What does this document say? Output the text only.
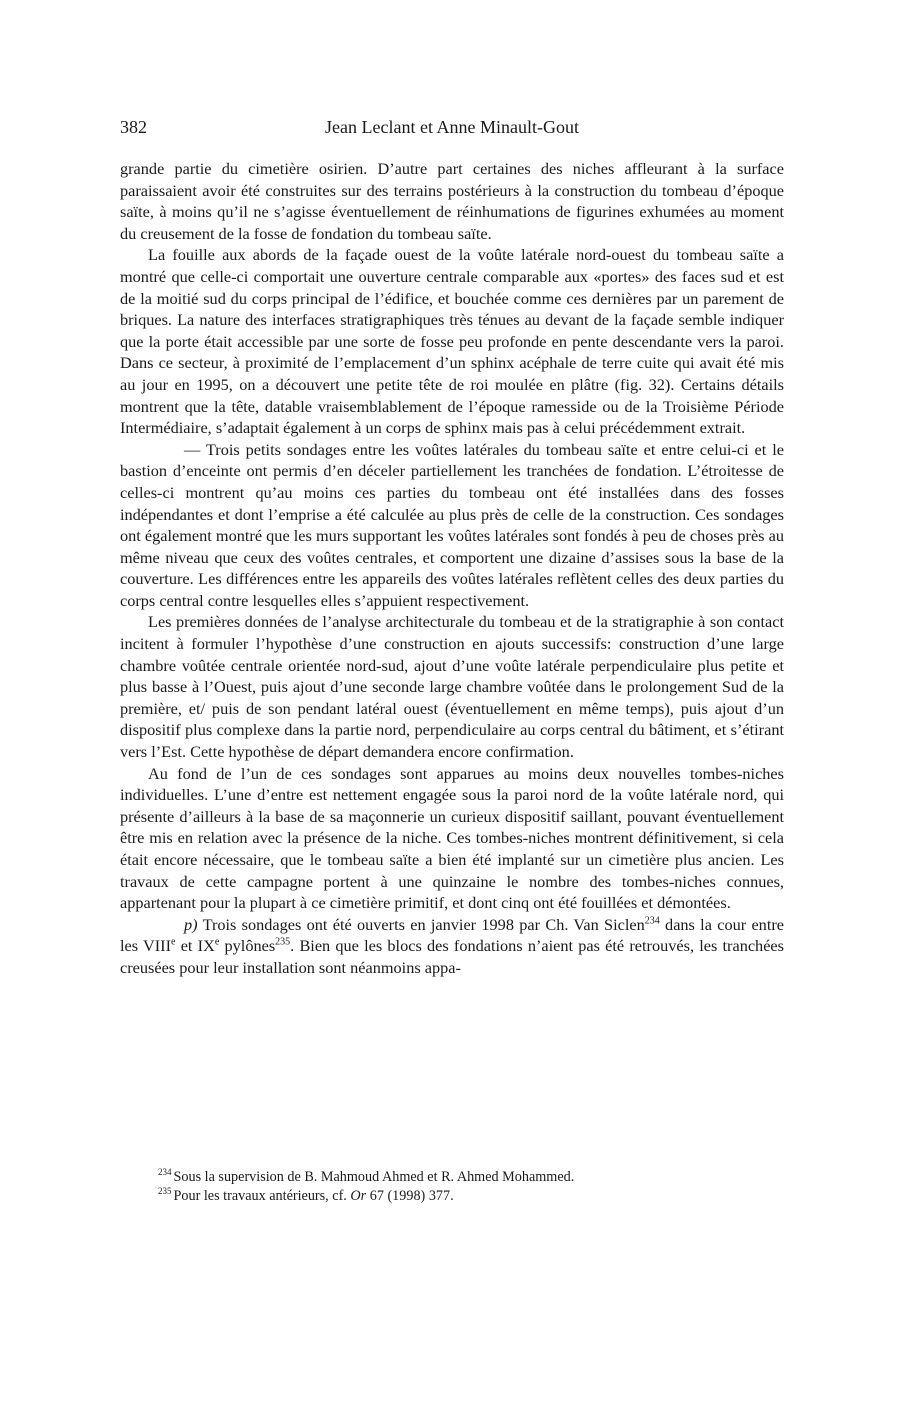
382	Jean Leclant et Anne Minault-Gout

grande partie du cimetière osirien. D’autre part certaines des niches affleurant à la surface paraissaient avoir été construites sur des terrains postérieurs à la construction du tombeau d’époque saïte, à moins qu’il ne s’agisse éventuellement de réinhumations de figurines exhumées au moment du creusement de la fosse de fondation du tombeau saïte.

La fouille aux abords de la façade ouest de la voûte latérale nord-ouest du tombeau saïte a montré que celle-ci comportait une ouverture centrale comparable aux «portes» des faces sud et est de la moitié sud du corps principal de l’édifice, et bouchée comme ces dernières par un parement de briques. La nature des interfaces stratigraphiques très ténues au devant de la façade semble indiquer que la porte était accessible par une sorte de fosse peu profonde en pente descendante vers la paroi. Dans ce secteur, à proximité de l’emplacement d’un sphinx acéphale de terre cuite qui avait été mis au jour en 1995, on a découvert une petite tête de roi moulée en plâtre (fig. 32). Certains détails montrent que la tête, datable vraisemblablement de l’époque ramesside ou de la Troisième Période Intermédiaire, s’adaptait également à un corps de sphinx mais pas à celui précédemment extrait.

— Trois petits sondages entre les voûtes latérales du tombeau saïte et entre celui-ci et le bastion d’enceinte ont permis d’en déceler partiellement les tranchées de fondation. L’étroitesse de celles-ci montrent qu’au moins ces parties du tombeau ont été installées dans des fosses indépendantes et dont l’emprise a été calculée au plus près de celle de la construction. Ces sondages ont également montré que les murs supportant les voûtes latérales sont fondés à peu de choses près au même niveau que ceux des voûtes centrales, et comportent une dizaine d’assises sous la base de la couverture. Les différences entre les appareils des voûtes latérales reflètent celles des deux parties du corps central contre lesquelles elles s’appuient respectivement.

Les premières données de l’analyse architecturale du tombeau et de la stratigraphie à son contact incitent à formuler l’hypothèse d’une construction en ajouts successifs: construction d’une large chambre voûtée centrale orientée nord-sud, ajout d’une voûte latérale perpendiculaire plus petite et plus basse à l’Ouest, puis ajout d’une seconde large chambre voûtée dans le prolongement Sud de la première, et/ puis de son pendant latéral ouest (éventuellement en même temps), puis ajout d’un dispositif plus complexe dans la partie nord, perpendiculaire au corps central du bâtiment, et s’étirant vers l’Est. Cette hypothèse de départ demandera encore confirmation.

Au fond de l’un de ces sondages sont apparues au moins deux nouvelles tombes-niches individuelles. L’une d’entre est nettement engagée sous la paroi nord de la voûte latérale nord, qui présente d’ailleurs à la base de sa maçonnerie un curieux dispositif saillant, pouvant éventuellement être mis en relation avec la présence de la niche. Ces tombes-niches montrent définitivement, si cela était encore nécessaire, que le tombeau saïte a bien été implanté sur un cimetière plus ancien. Les travaux de cette campagne portent à une quinzaine le nombre des tombes-niches connues, appartenant pour la plupart à ce cimetière primitif, et dont cinq ont été fouillées et démontées.

p) Trois sondages ont été ouverts en janvier 1998 par Ch. Van Siclen$^{234}$ dans la cour entre les VIIIe et IXe pylônes$^{235}$. Bien que les blocs des fondations n’aient pas été retrouvés, les tranchées creusées pour leur installation sont néanmoins appa-

$^{234}$ Sous la supervision de B. Mahmoud Ahmed et R. Ahmed Mohammed.

$^{235}$ Pour les travaux antérieurs, cf. Or 67 (1998) 377.
